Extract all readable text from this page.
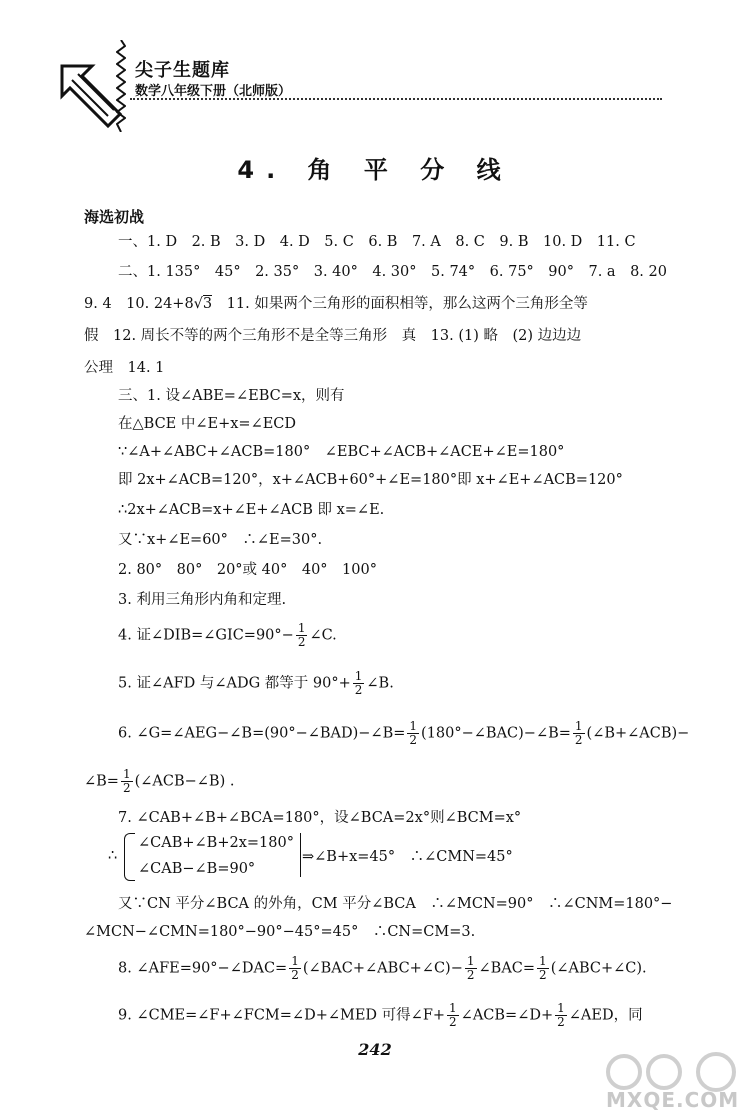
尖子生题库
数学八年级下册（北师版）
4. 角 平 分 线
海选初战
一、1. D　2. B　3. D　4. D　5. C　6. B　7. A　8. C　9. B　10. D　11. C
二、1. 135°　45°　2. 35°　3. 40°　4. 30°　5. 74°　6. 75°　90°　7. a　8. 20
9. 4　10. 24+8√3　11. 如果两个三角形的面积相等，那么这两个三角形全等
假　12. 周长不等的两个三角形不是全等三角形　真　13. (1) 略　(2) 边边边
公理　14. 1
三、1. 设∠ABE=∠EBC=x，则有
在△BCE 中∠E+x=∠ECD
∵∠A+∠ABC+∠ACB=180°　∠EBC+∠ACB+∠ACE+∠E=180°
即 2x+∠ACB=120°，x+∠ACB+60°+∠E=180°即 x+∠E+∠ACB=120°
∴2x+∠ACB=x+∠E+∠ACB 即 x=∠E.
又∵x+∠E=60°　∴∠E=30°.
2. 80°　80°　20°或 40°　40°　100°
3. 利用三角形内角和定理.
4. 证∠DIB=∠GIC=90°− $\frac{1}{2}$ ∠C.
5. 证∠AFD 与∠ADG 都等于 $90^\circ+ \frac{1}{2}$ ∠B.
6. ∠G=∠AEG−∠B=(90°−∠BAD)−∠B= $\frac{1}{2}$ (180°−∠BAC)−∠B= $\frac{1}{2}$ (∠B+∠ACB)−
∠B= $\frac{1}{2}$ (∠ACB−∠B) .
7. ∠CAB+∠B+∠BCA=180°，设∠BCA=2x°则∠BCM=x°
∴
∠CAB+∠B+2x=180°
∠CAB−∠B=90°
⇒∠B+x=45°　∴∠CMN=45°
又∵CN 平分∠BCA 的外角，CM 平分∠BCA　∴∠MCN=90°　∴∠CNM=180°−
∠MCN−∠CMN=180°−90°−45°=45°　∴CN=CM=3.
8. ∠AFE=90°−∠DAC= $\frac{1}{2}$ (∠BAC+∠ABC+∠C)− $\frac{1}{2}$ ∠BAC= $\frac{1}{2}$ (∠ABC+∠C).
9. ∠CME=∠F+∠FCM=∠D+∠MED 可得∠F+ $\frac{1}{2}$ ∠ACB=∠D+ $\frac{1}{2}$ ∠AED，同
242
MXQE.COM
